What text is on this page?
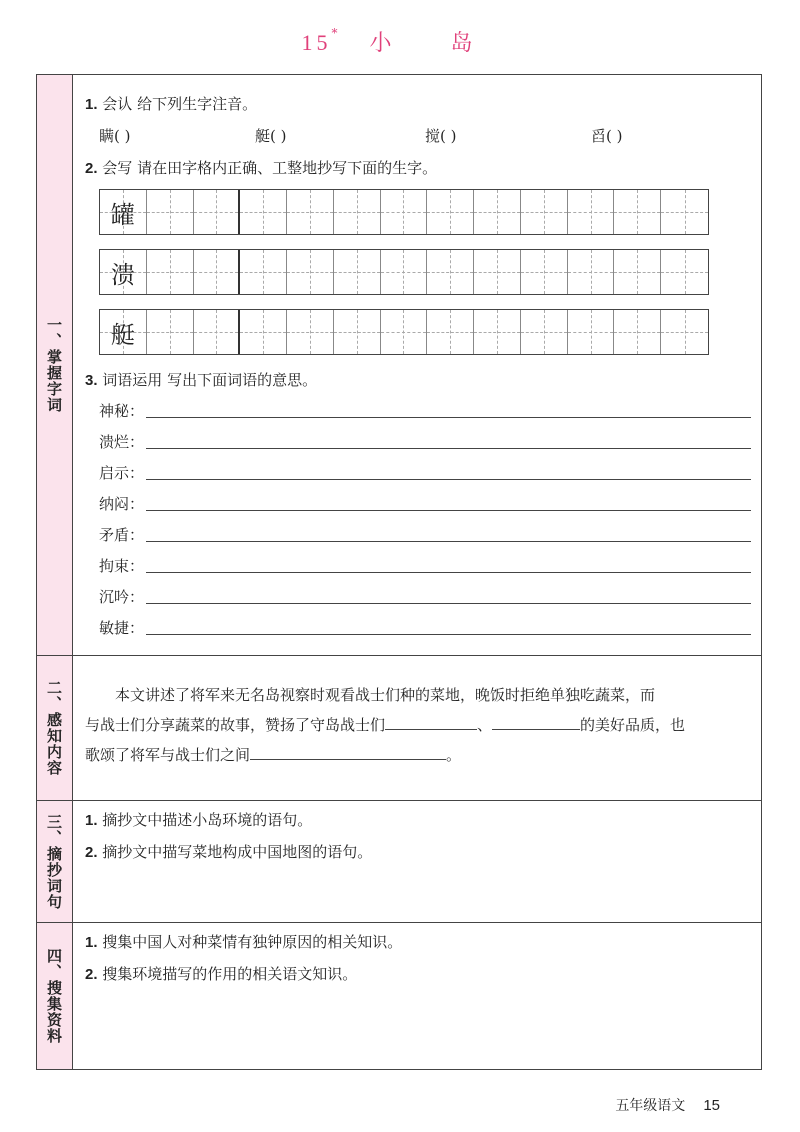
15* 小 岛
一、掌握字词
1. 会认 给下列生字注音。
瞒( )	艇( )	搅( )	舀( )
2. 会写 请在田字格内正确、工整地抄写下面的生字。
罐
溃
艇
3. 词语运用 写出下面词语的意思。
神秘：
溃烂：
启示：
纳闷：
矛盾：
拘束：
沉吟：
敏捷：
二、感知内容	本文讲述了将军来无名岛视察时观看战士们种的菜地，晚饭时拒绝单独吃蔬菜，而
与战士们分享蔬菜的故事，赞扬了守岛战士们	、	的美好品质，也
歌颂了将军与战士们之间	。
三、摘抄词句 1. 摘抄文中描述小岛环境的语句。
2. 摘抄文中描写菜地构成中国地图的语句。
四、搜集资料
1. 搜集中国人对种菜情有独钟原因的相关知识。
2. 搜集环境描写的作用的相关语文知识。
五年级语文 15
